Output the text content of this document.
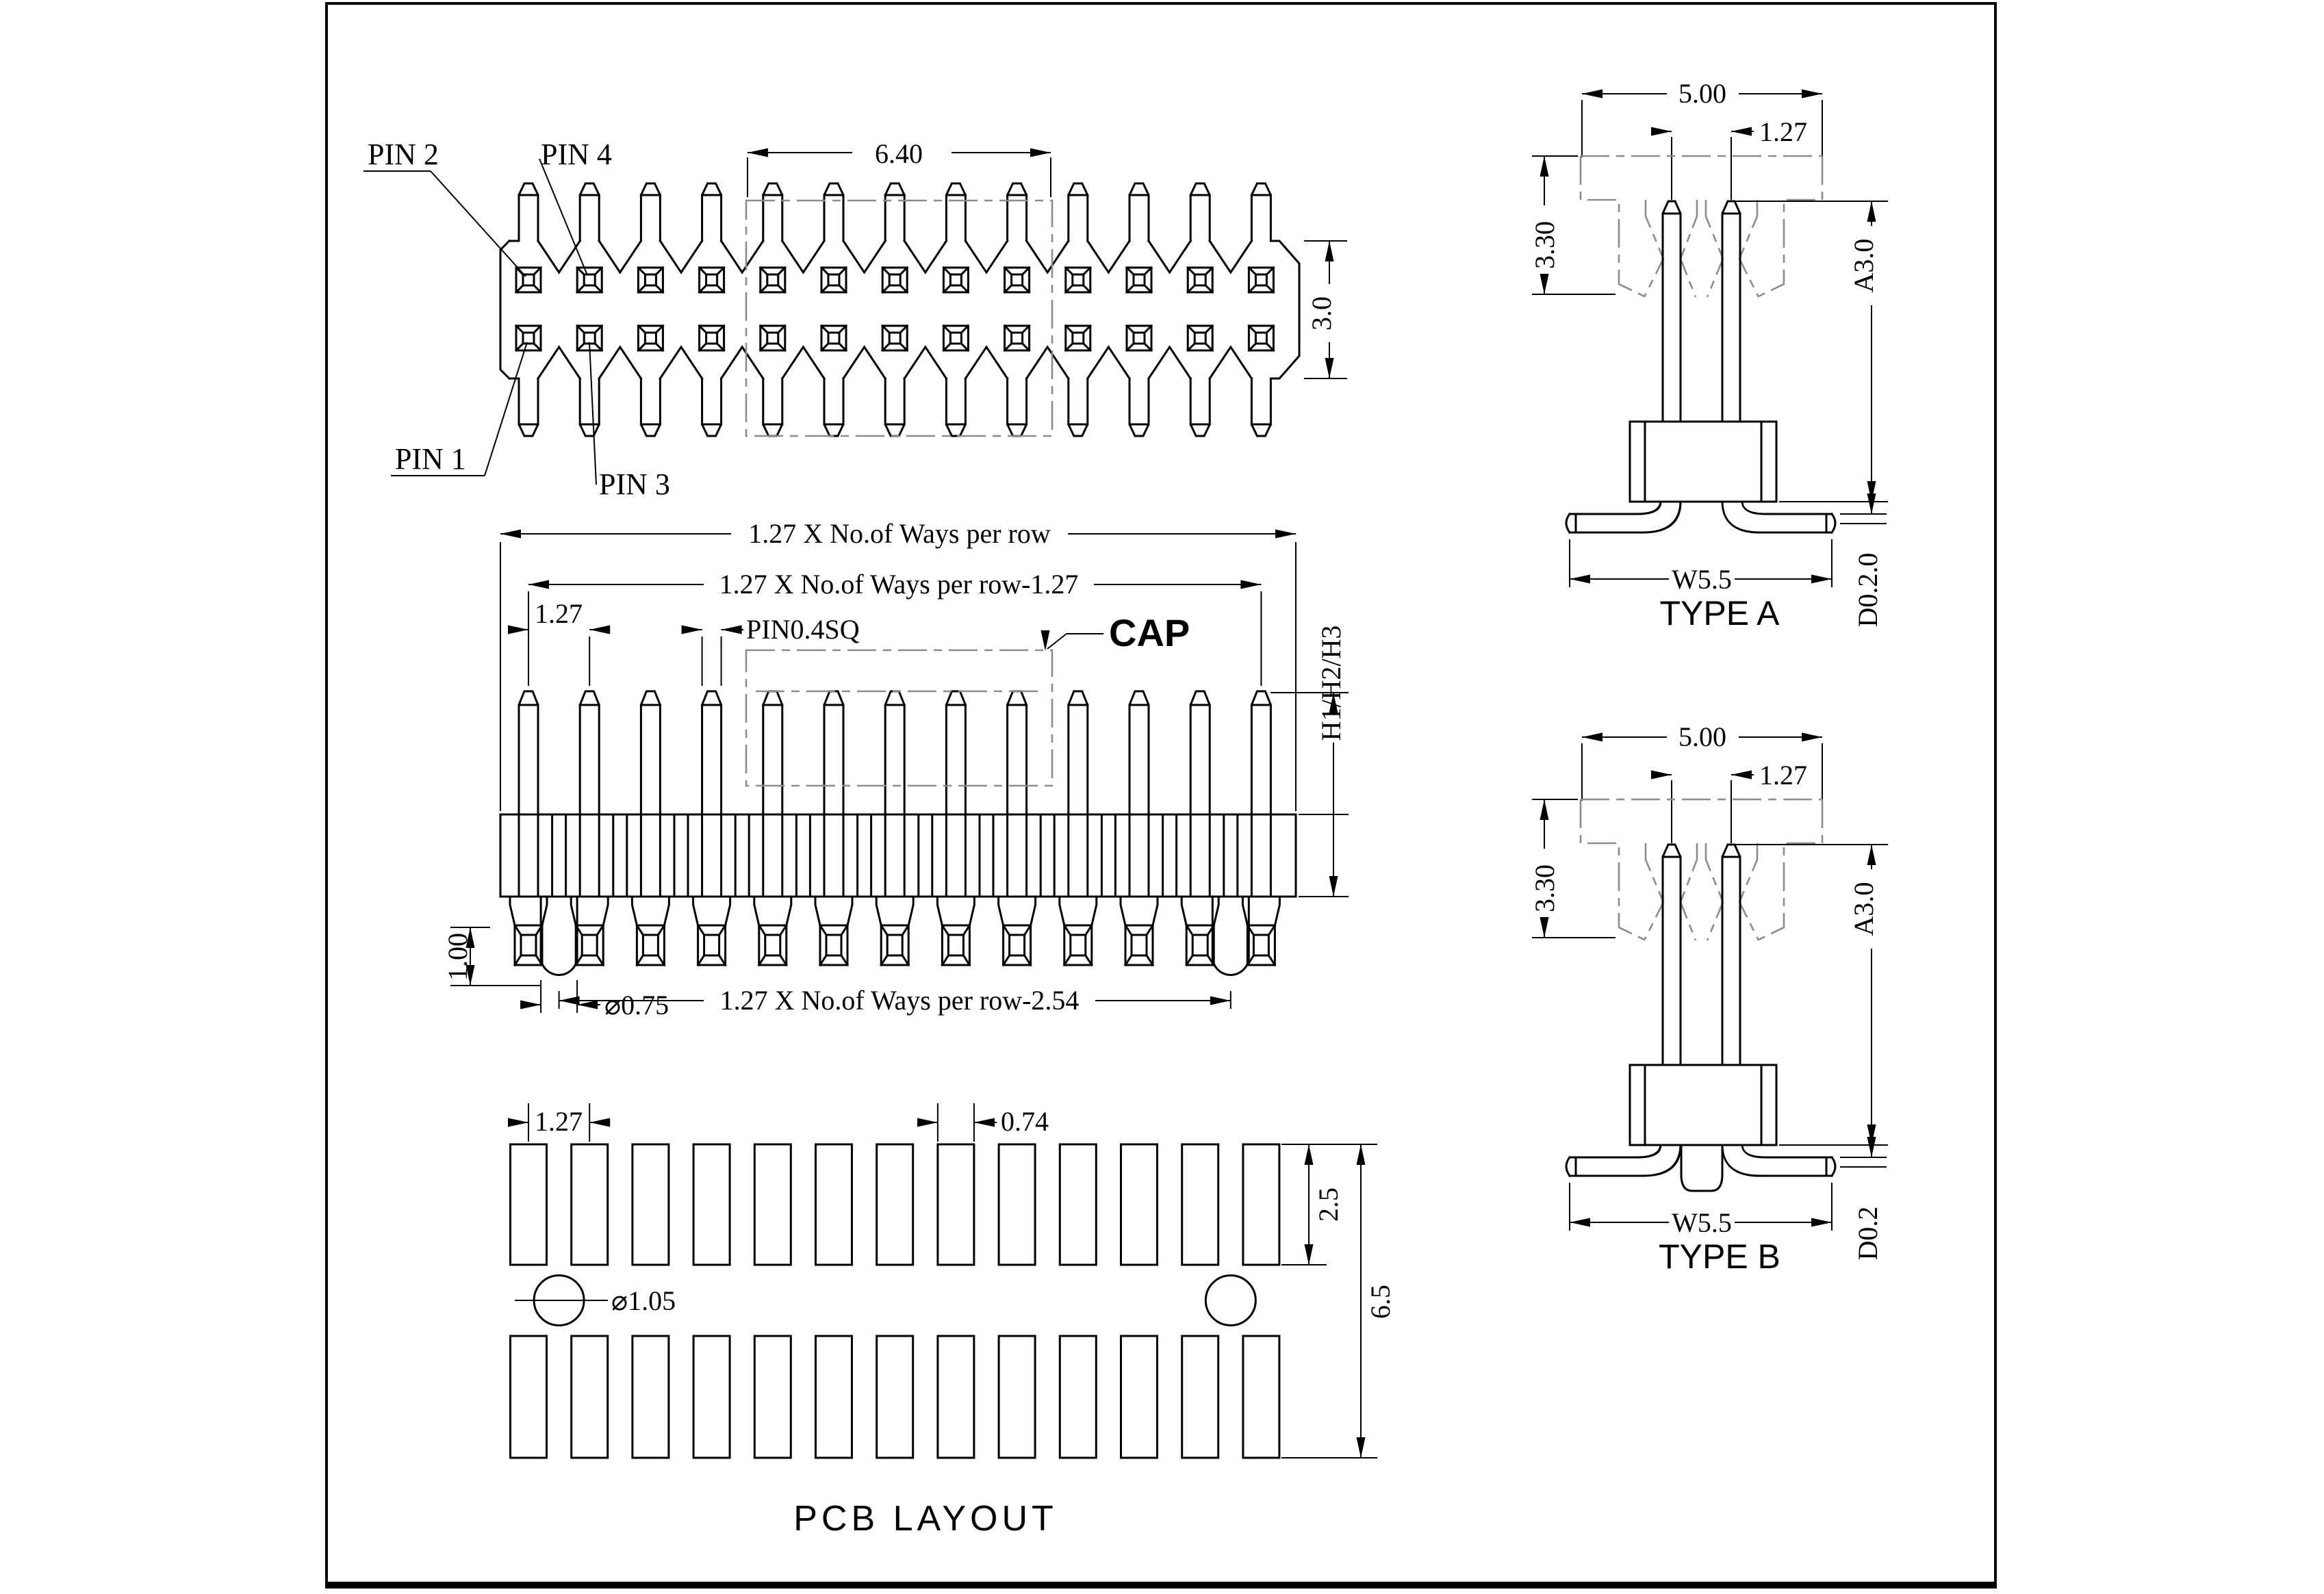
PIN 2	PIN 4
PIN 1
PIN 3
6.40
3.0
1.27 X No.of Ways per row
1.27 X No.of Ways per row-1.27
1.27
PIN0.4SQ	CAP	H1/H2/H3
1.27 X No.of Ways per row-2.54
⌀0.75
1.00
1.27	0.74
⌀1.05
2.5
6.5
PCB LAYOUT
5.00
1.27
3.30	A3.0
D0.2.0
W5.5
TYPE A
5.00
1.27
3.30	A3.0
D0.2
W5.5
TYPE B
